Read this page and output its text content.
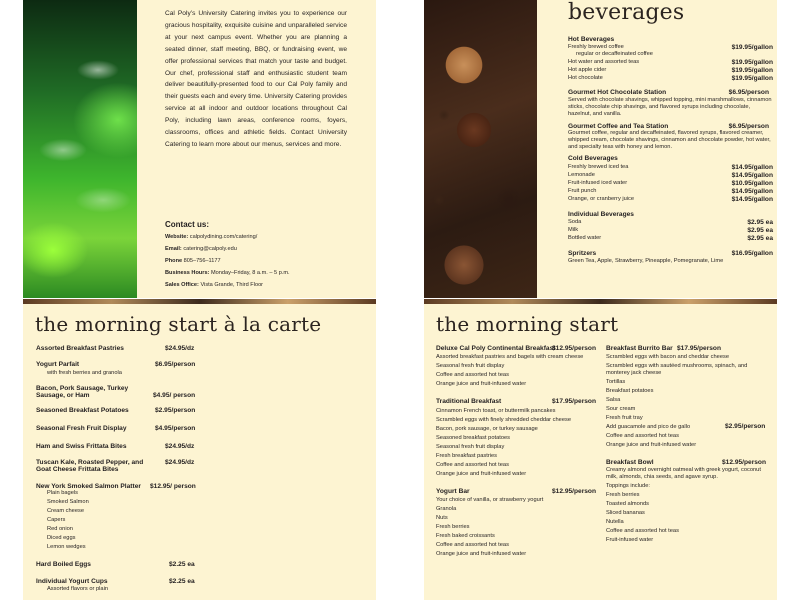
Cal Poly’s University Catering invites you to experience our gracious hospitality, exquisite cuisine and unparalleled service at your next campus event. Whether you are planning a seated dinner, staff meeting, BBQ, or fundraising event, we offer professional services that match your taste and budget. Our chef, professional staff and enthusiastic student team deliver beautifully-presented food to our Cal Poly family and their guests each and every time. University Catering provides service at all indoor and outdoor locations throughout Cal Poly, including lawn areas, conference rooms, foyers, classrooms, offices and athletic fields. Contact University Catering to learn more about our menus, services and more.

Contact us:
Website: calpolydining.com/catering/
Email: catering@calpoly.edu
Phone 805–756–1177
Business Hours: Monday–Friday, 8 a.m. – 5 p.m.
Sales Office: Vista Grande, Third Floor
beverages
Hot Beverages
Freshly brewed coffee	$19.95/gallon
regular or decaffeinated coffee
Hot water and assorted teas	$19.95/gallon
Hot apple cider	$19.95/gallon
Hot chocolate	$19.95/gallon
Gourmet Hot Chocolate Station	$6.95/person
Served with chocolate shavings, whipped topping, mini marshmallows, cinnamon sticks, chocolate chip shavings, and flavored syrups including chocolate, hazelnut, and vanilla.
Gourmet Coffee and Tea Station	$6.95/person
Gourmet coffee, regular and decaffeinated, flavored syrups, flavored creamer, whipped cream, chocolate shavings, cinnamon and chocolate powder, hot water, and specialty teas with honey and lemon.
Cold Beverages
Freshly brewed iced tea	$14.95/gallon
Lemonade	$14.95/gallon
Fruit-infused iced water	$10.95/gallon
Fruit punch	$14.95/gallon
Orange, or cranberry juice	$14.95/gallon
Individual Beverages
Soda	$2.95 ea
Milk	$2.95 ea
Bottled water	$2.95 ea
Spritzers	$16.95/gallon
Green Tea, Apple, Strawberry, Pineapple, Pomegranate, Lime
the morning start à la carte
Assorted Breakfast Pastries	$24.95/dz
Yogurt Parfait	$6.95/person
with fresh berries and granola
Bacon, Pork Sausage, Turkey Sausage, or Ham	$4.95/ person
Seasoned Breakfast Potatoes	$2.95/person
Seasonal Fresh Fruit Display	$4.95/person
Ham and Swiss Frittata Bites	$24.95/dz
Tuscan Kale, Roasted Pepper, and Goat Cheese Frittata Bites
$24.95/dz
New York Smoked Salmon Platter $12.95/ person
Plain bagels
Smoked Salmon
Cream cheese
Capers
Red onion
Diced eggs
Lemon wedges
Hard Boiled Eggs	$2.25 ea
Individual Yogurt Cups	$2.25 ea
Assorted flavors or plain
the morning start
Deluxe Cal Poly Continental Breakfast
$12.95/person
Assorted breakfast pastries and bagels with cream cheese
Seasonal fresh fruit display
Coffee and assorted hot teas
Orange juice and fruit-infused water
Traditional Breakfast	$17.95/person
Cinnamon French toast, or buttermilk pancakes
Scrambled eggs with finely shredded cheddar cheese
Bacon, pork sausage, or turkey sausage
Seasoned breakfast potatoes
Seasonal fresh fruit display
Fresh breakfast pastries
Coffee and assorted hot teas
Orange juice and fruit-infused water
Yogurt Bar	$12.95/person
Your choice of vanilla, or strawberry yogurt
Granola
Nuts
Fresh berries
Fresh baked croissants
Coffee and assorted hot teas
Orange juice and fruit-infused water
Breakfast Burrito Bar $17.95/person
Scrambled eggs with bacon and cheddar cheese
Scrambled eggs with sautéed mushrooms, spinach, and monterey jack cheese
Tortillas
Breakfast potatoes
Salsa
Sour cream
Fresh fruit tray
Add guacamole and pico de gallo	$2.95/person
Coffee and assorted hot teas
Orange juice and fruit-infused water
Breakfast Bowl	$12.95/person
Creamy almond overnight oatmeal with greek yogurt, coconut milk, almonds, chia seeds, and agave syrup.
Toppings include:
Fresh berries
Toasted almonds
Sliced bananas
Nutella
Coffee and assorted hot teas
Fruit-infused water
